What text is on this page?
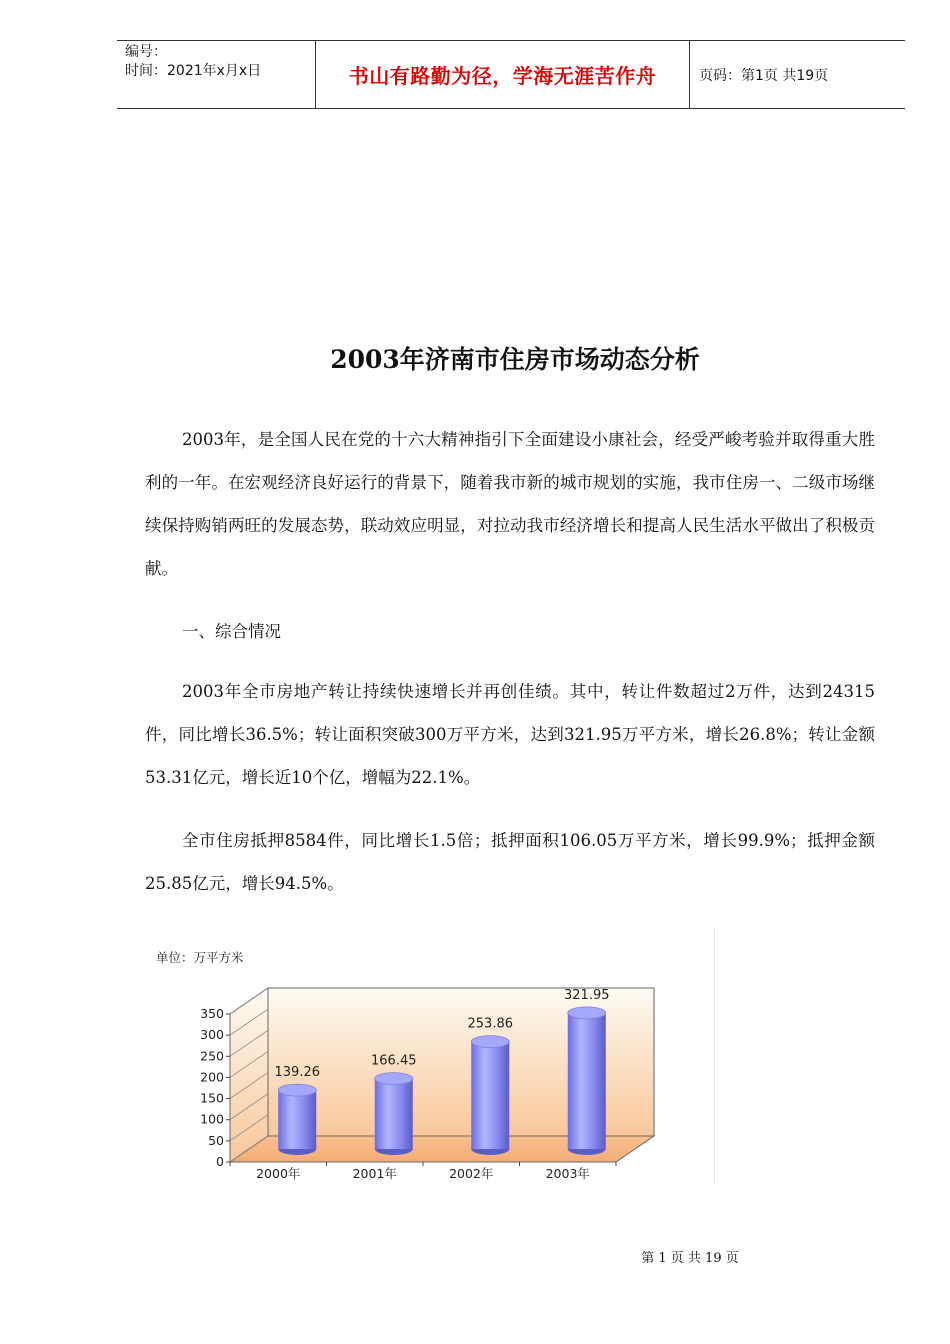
编号：
时间：2021年x月x日	书山有路勤为径，学海无涯苦作舟	页码：第1页 共19页
2003年济南市住房市场动态分析

2003年，是全国人民在党的十六大精神指引下全面建设小康社会，经受严峻考验并取得重大胜利的一年。在宏观经济良好运行的背景下，随着我市新的城市规划的实施，我市住房一、二级市场继续保持购销两旺的发展态势，联动效应明显，对拉动我市经济增长和提高人民生活水平做出了积极贡献。

一、综合情况

2003年全市房地产转让持续快速增长并再创佳绩。其中，转让件数超过2万件，达到24315件，同比增长36.5%；转让面积突破300万平方米，达到321.95万平方米，增长26.8%；转让金额53.31亿元，增长近10个亿，增幅为22.1%。

全市住房抵押8584件，同比增长1.5倍；抵押面积106.05万平方米，增长99.9%；抵押金额25.85亿元，增长94.5%。

0
50
100
150
200
250
300
350
139.26
166.45
253.86
321.95
2000年	2001年	2002年	2003年
单位：万平方米
第 1 页 共 19 页
